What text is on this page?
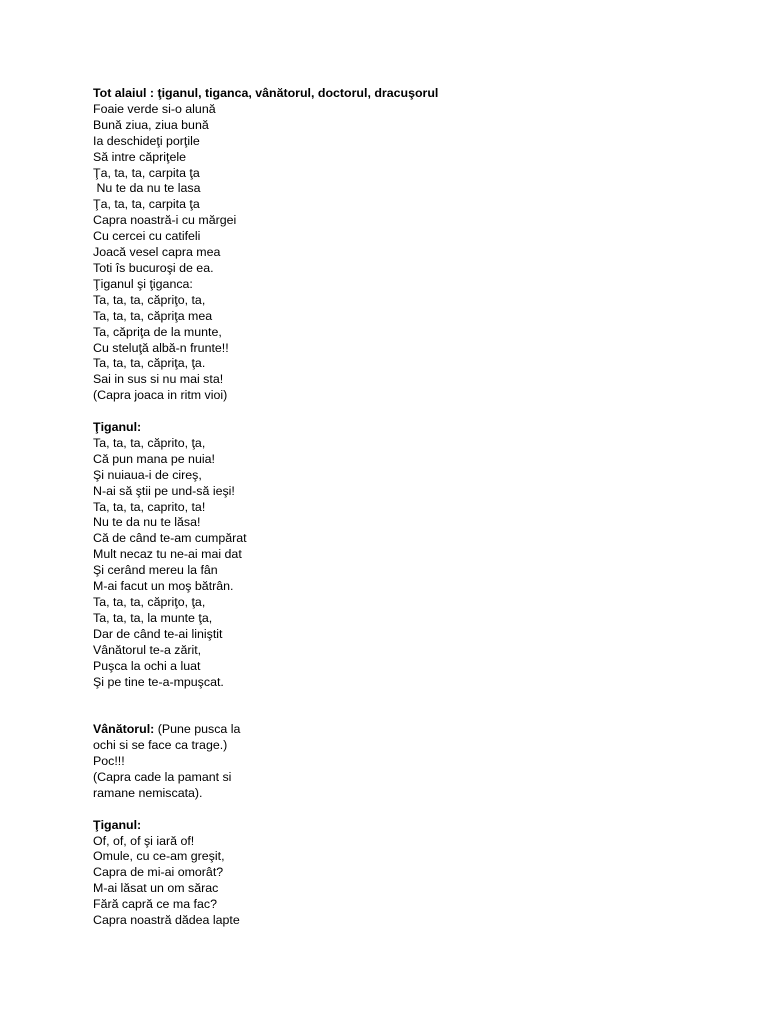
Tot alaiul : ţiganul, tiganca, vânătorul, doctorul, dracuşorul
Foaie verde si-o alună
Bună ziua, ziua bună
Ia deschideţi porţile
Să intre căpriţele
Ţa, ta, ta, carpita ţa
Nu te da nu te lasa
Ţa, ta, ta, carpita ţa
Capra noastră-i cu mărgei
Cu cercei cu catifeli
Joacă vesel capra mea
Toti îs bucuroşi de ea.
Ţiganul şi ţiganca:
Ta, ta, ta, căpriţo, ta,
Ta, ta, ta, căpriţa mea
Ta, căpriţa de la munte,
Cu steluţă albă-n frunte!!
Ta, ta, ta, căpriţa, ţa.
Sai in sus si nu mai sta!
(Capra joaca in ritm vioi)
Ţiganul:
Ta, ta, ta, căprito, ţa,
Că pun mana pe nuia!
Şi nuiaua-i de cireş,
N-ai să ştii pe und-să ieşi!
Ta, ta, ta, caprito, ta!
Nu te da nu te lăsa!
Că de când te-am cumpărat
Mult necaz tu ne-ai mai dat
Şi cerând mereu la fân
M-ai facut un moş bătrân.
Ta, ta, ta, căpriţo, ţa,
Ta, ta, ta, la munte ţa,
Dar de când te-ai liniştit
Vânătorul te-a zărit,
Puşca la ochi a luat
Şi pe tine te-a-mpuşcat.
Vânătorul: (Pune pusca la
ochi si se face ca trage.)
Poc!!!
(Capra cade la pamant si
ramane nemiscata).
Ţiganul:
Of, of, of şi iară of!
Omule, cu ce-am greşit,
Capra de mi-ai omorât?
M-ai lăsat un om sărac
Fără capră ce ma fac?
Capra noastră dădea lapte
